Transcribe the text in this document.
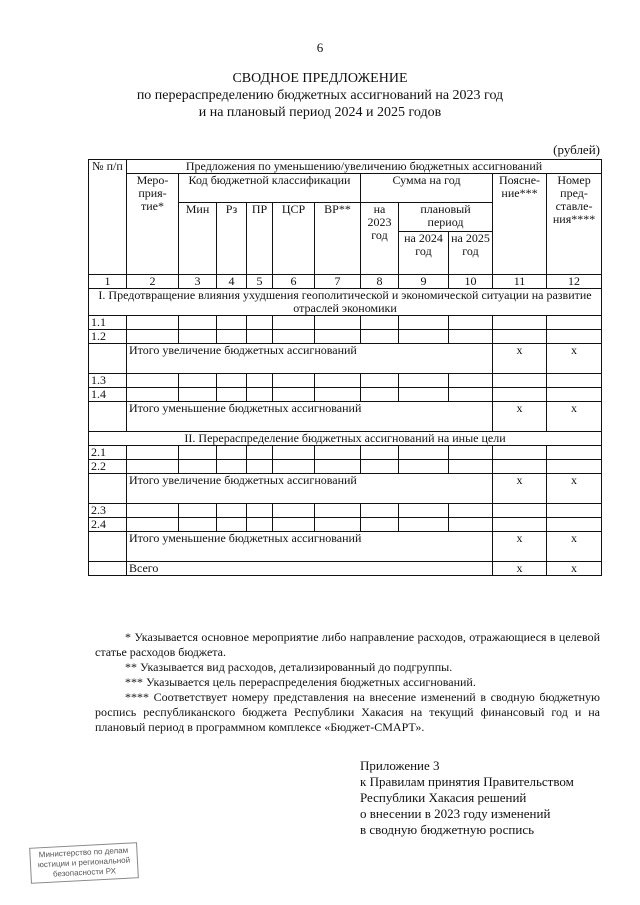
6
СВОДНОЕ ПРЕДЛОЖЕНИЕ
по перераспределению бюджетных ассигнований на 2023 год
и на плановый период 2024 и 2025 годов
(рублей)
№ п/п	Предложения по уменьшению/увеличению бюджетных ассигнований										
	Меро-прия-тие*	Код бюджетной классификации					Сумма на год			Поясне-ние***	Номер пред-ставле-ния****
		Мин	Рз	ПР	ЦСР	ВР**	на 2023 год	плановый период			
								на 2024 год	на 2025 год		
1	2	3	4	5	6	7	8	9	10	11	12
I. Предотвращение влияния ухудшения геополитической и экономической ситуации на развитие отраслей экономики											
1.1											
1.2											
	Итого увеличение бюджетных ассигнований									x	x
1.3											
1.4											
	Итого уменьшение бюджетных ассигнований									x	x
II. Перераспределение бюджетных ассигнований на иные цели											
2.1											
2.2											
	Итого увеличение бюджетных ассигнований									x	x
2.3											
2.4											
	Итого уменьшение бюджетных ассигнований									x	x
	Всего									x	x

* Указывается основное мероприятие либо направление расходов, отражающиеся в целевой статье расходов бюджета.

** Указывается вид расходов, детализированный до подгруппы.

*** Указывается цель перераспределения бюджетных ассигнований.

**** Соответствует номеру представления на внесение изменений в сводную бюджетную роспись республиканского бюджета Республики Хакасия на текущий финансовый год и на плановый период в программном комплексе «Бюджет-СМАРТ».

Приложение 3
к Правилам принятия Правительством
Республики Хакасия решений
о внесении в 2023 году изменений
в сводную бюджетную роспись
Министерство по делам юстиции и региональной безопасности РХ
